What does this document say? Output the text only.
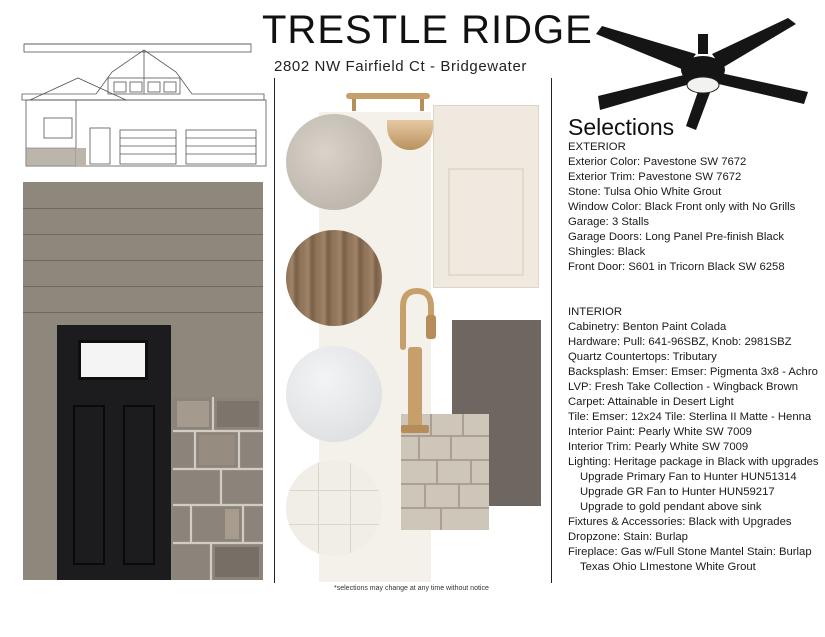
TRESTLE RIDGE
2802 NW Fairfield Ct - Bridgewater
Selections
EXTERIOR
Exterior Color: Pavestone SW 7672
Exterior Trim: Pavestone SW 7672
Stone: Tulsa Ohio White Grout
Window Color: Black Front only with No Grills
Garage: 3 Stalls
Garage Doors: Long Panel Pre-finish Black
Shingles: Black
Front Door: S601 in Tricorn Black SW 6258
INTERIOR
Cabinetry: Benton Paint Colada
Hardware: Pull: 641-96SBZ, Knob: 2981SBZ
Quartz Countertops: Tributary
Backsplash: Emser: Emser: Pigmenta 3x8 - Achro
LVP: Fresh Take Collection - Wingback Brown
Carpet: Attainable in Desert Light
Tile: Emser: 12x24 Tile: Sterlina II Matte - Henna
Interior Paint: Pearly White SW 7009
Interior Trim: Pearly White SW 7009
Lighting: Heritage package in Black with upgrades
Upgrade Primary Fan to Hunter HUN51314
Upgrade GR Fan to Hunter HUN59217
Upgrade to gold pendant above sink
Fixtures & Accessories: Black with Upgrades
Dropzone: Stain: Burlap
Fireplace: Gas w/Full Stone Mantel Stain: Burlap
Texas Ohio LImestone White Grout
*selections may change at any time without notice
